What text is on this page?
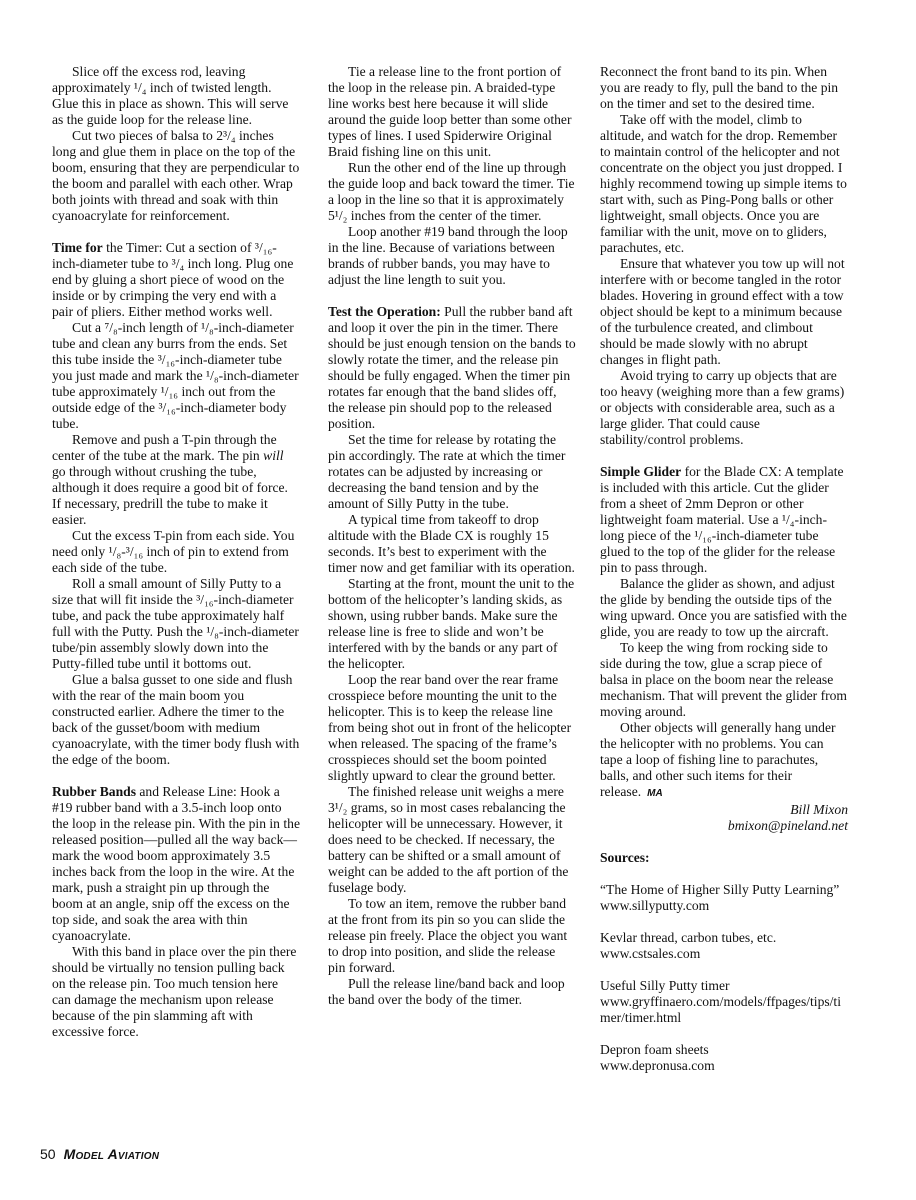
Slice off the excess rod, leaving approximately ¹/₄ inch of twisted length. Glue this in place as shown. This will serve as the guide loop for the release line.

Cut two pieces of balsa to 2³/₄ inches long and glue them in place on the top of the boom, ensuring that they are perpendicular to the boom and parallel with each other. Wrap both joints with thread and soak with thin cyanoacrylate for reinforcement.

Time for the Timer: Cut a section of ³/₁₆-inch-diameter tube to ³/₄ inch long. Plug one end by gluing a short piece of wood on the inside or by crimping the very end with a pair of pliers. Either method works well.

Cut a ⁷/₈-inch length of ¹/₈-inch-diameter tube and clean any burrs from the ends. Set this tube inside the ³/₁₆-inch-diameter tube you just made and mark the ¹/₈-inch-diameter tube approximately ¹/₁₆ inch out from the outside edge of the ³/₁₆-inch-diameter body tube.

Remove and push a T-pin through the center of the tube at the mark. The pin will go through without crushing the tube, although it does require a good bit of force. If necessary, predrill the tube to make it easier.

Cut the excess T-pin from each side. You need only ¹/₈-³/₁₆ inch of pin to extend from each side of the tube.

Roll a small amount of Silly Putty to a size that will fit inside the ³/₁₆-inch-diameter tube, and pack the tube approximately half full with the Putty. Push the ¹/₈-inch-diameter tube/pin assembly slowly down into the Putty-filled tube until it bottoms out.

Glue a balsa gusset to one side and flush with the rear of the main boom you constructed earlier. Adhere the timer to the back of the gusset/boom with medium cyanoacrylate, with the timer body flush with the edge of the boom.

Rubber Bands and Release Line: Hook a #19 rubber band with a 3.5-inch loop onto the loop in the release pin. With the pin in the released position—pulled all the way back—mark the wood boom approximately 3.5 inches back from the loop in the wire. At the mark, push a straight pin up through the boom at an angle, snip off the excess on the top side, and soak the area with thin cyanoacrylate.

With this band in place over the pin there should be virtually no tension pulling back on the release pin. Too much tension here can damage the mechanism upon release because of the pin slamming aft with excessive force.

Tie a release line to the front portion of the loop in the release pin. A braided-type line works best here because it will slide around the guide loop better than some other types of lines. I used Spiderwire Original Braid fishing line on this unit.

Run the other end of the line up through the guide loop and back toward the timer. Tie a loop in the line so that it is approximately 5¹/₂ inches from the center of the timer.

Loop another #19 band through the loop in the line. Because of variations between brands of rubber bands, you may have to adjust the line length to suit you.

Test the Operation: Pull the rubber band aft and loop it over the pin in the timer. There should be just enough tension on the bands to slowly rotate the timer, and the release pin should be fully engaged. When the timer pin rotates far enough that the band slides off, the release pin should pop to the released position.

Set the time for release by rotating the pin accordingly. The rate at which the timer rotates can be adjusted by increasing or decreasing the band tension and by the amount of Silly Putty in the tube.

A typical time from takeoff to drop altitude with the Blade CX is roughly 15 seconds. It’s best to experiment with the timer now and get familiar with its operation.

Starting at the front, mount the unit to the bottom of the helicopter’s landing skids, as shown, using rubber bands. Make sure the release line is free to slide and won’t be interfered with by the bands or any part of the helicopter.

Loop the rear band over the rear frame crosspiece before mounting the unit to the helicopter. This is to keep the release line from being shot out in front of the helicopter when released. The spacing of the frame’s crosspieces should set the boom pointed slightly upward to clear the ground better.

The finished release unit weighs a mere 3¹/₂ grams, so in most cases rebalancing the helicopter will be unnecessary. However, it does need to be checked. If necessary, the battery can be shifted or a small amount of weight can be added to the aft portion of the fuselage body.

To tow an item, remove the rubber band at the front from its pin so you can slide the release pin freely. Place the object you want to drop into position, and slide the release pin forward.

Pull the release line/band back and loop the band over the body of the timer.

Reconnect the front band to its pin. When you are ready to fly, pull the band to the pin on the timer and set to the desired time.

Take off with the model, climb to altitude, and watch for the drop. Remember to maintain control of the helicopter and not concentrate on the object you just dropped. I highly recommend towing up simple items to start with, such as Ping-Pong balls or other lightweight, small objects. Once you are familiar with the unit, move on to gliders, parachutes, etc.

Ensure that whatever you tow up will not interfere with or become tangled in the rotor blades. Hovering in ground effect with a tow object should be kept to a minimum because of the turbulence created, and climbout should be made slowly with no abrupt changes in flight path.

Avoid trying to carry up objects that are too heavy (weighing more than a few grams) or objects with considerable area, such as a large glider. That could cause stability/control problems.

Simple Glider for the Blade CX: A template is included with this article. Cut the glider from a sheet of 2mm Depron or other lightweight foam material. Use a ¹/₄-inch-long piece of the ¹/₁₆-inch-diameter tube glued to the top of the glider for the release pin to pass through.

Balance the glider as shown, and adjust the glide by bending the outside tips of the wing upward. Once you are satisfied with the glide, you are ready to tow up the aircraft.

To keep the wing from rocking side to side during the tow, glue a scrap piece of balsa in place on the boom near the release mechanism. That will prevent the glider from moving around.

Other objects will generally hang under the helicopter with no problems. You can tape a loop of fishing line to parachutes, balls, and other such items for their release. MA

Bill Mixon

bmixon@pineland.net

Sources:

“The Home of Higher Silly Putty Learning”

www.sillyputty.com

Kevlar thread, carbon tubes, etc.

www.cstsales.com

Useful Silly Putty timer

www.gryffinaero.com/models/ffpages/tips/timer/timer.html

Depron foam sheets

www.depronusa.com

50 Model Aviation
